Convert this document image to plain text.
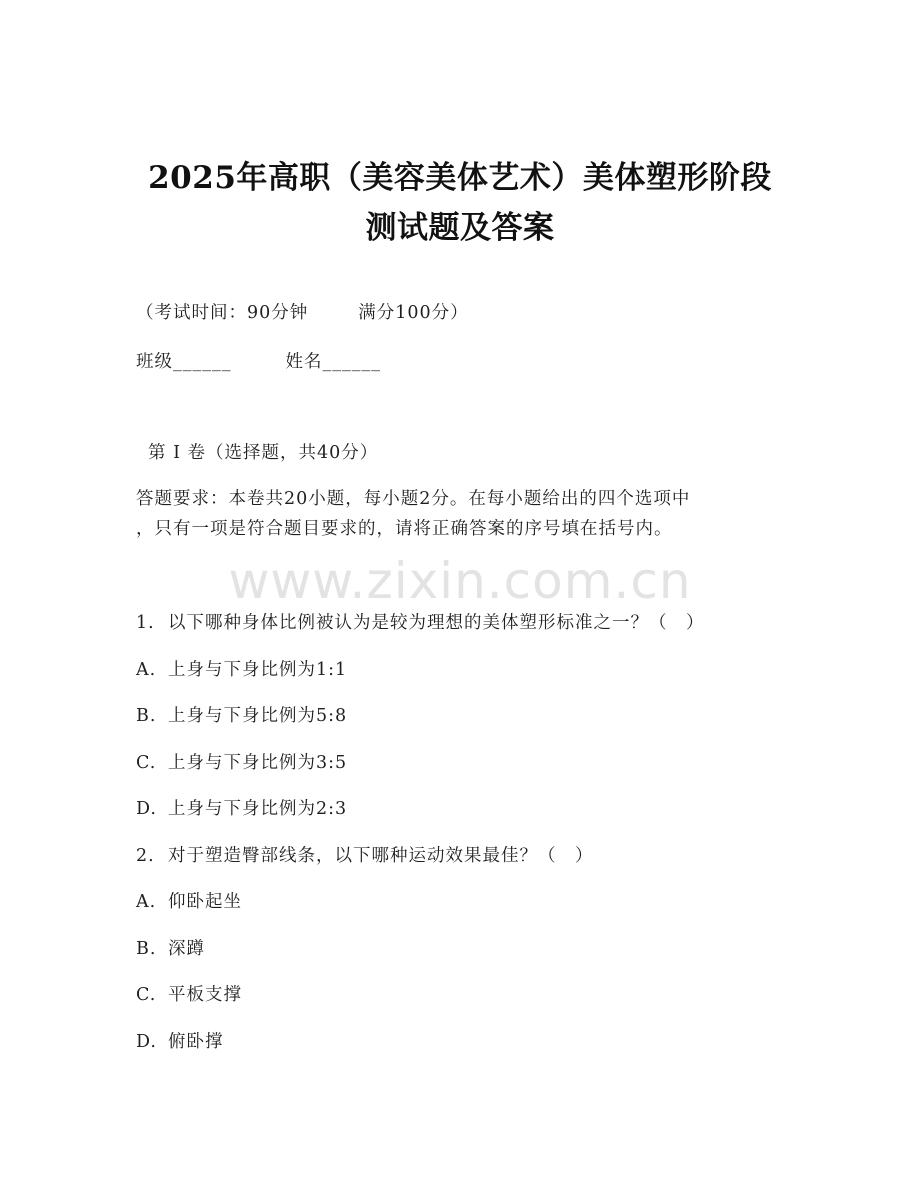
2025年高职（美容美体艺术）美体塑形阶段
测试题及答案
（考试时间：90分钟	满分100分）
班级______	姓名______
第 I 卷（选择题，共40分）
答题要求：本卷共20小题，每小题2分。在每小题给出的四个选项中
，只有一项是符合题目要求的，请将正确答案的序号填在括号内。
www.zixin.com.cn
1. 以下哪种身体比例被认为是较为理想的美体塑形标准之一？（　）
A. 上身与下身比例为1:1
B. 上身与下身比例为5:8
C. 上身与下身比例为3:5
D. 上身与下身比例为2:3
2. 对于塑造臀部线条，以下哪种运动效果最佳？（　）
A. 仰卧起坐
B. 深蹲
C. 平板支撑
D. 俯卧撑
